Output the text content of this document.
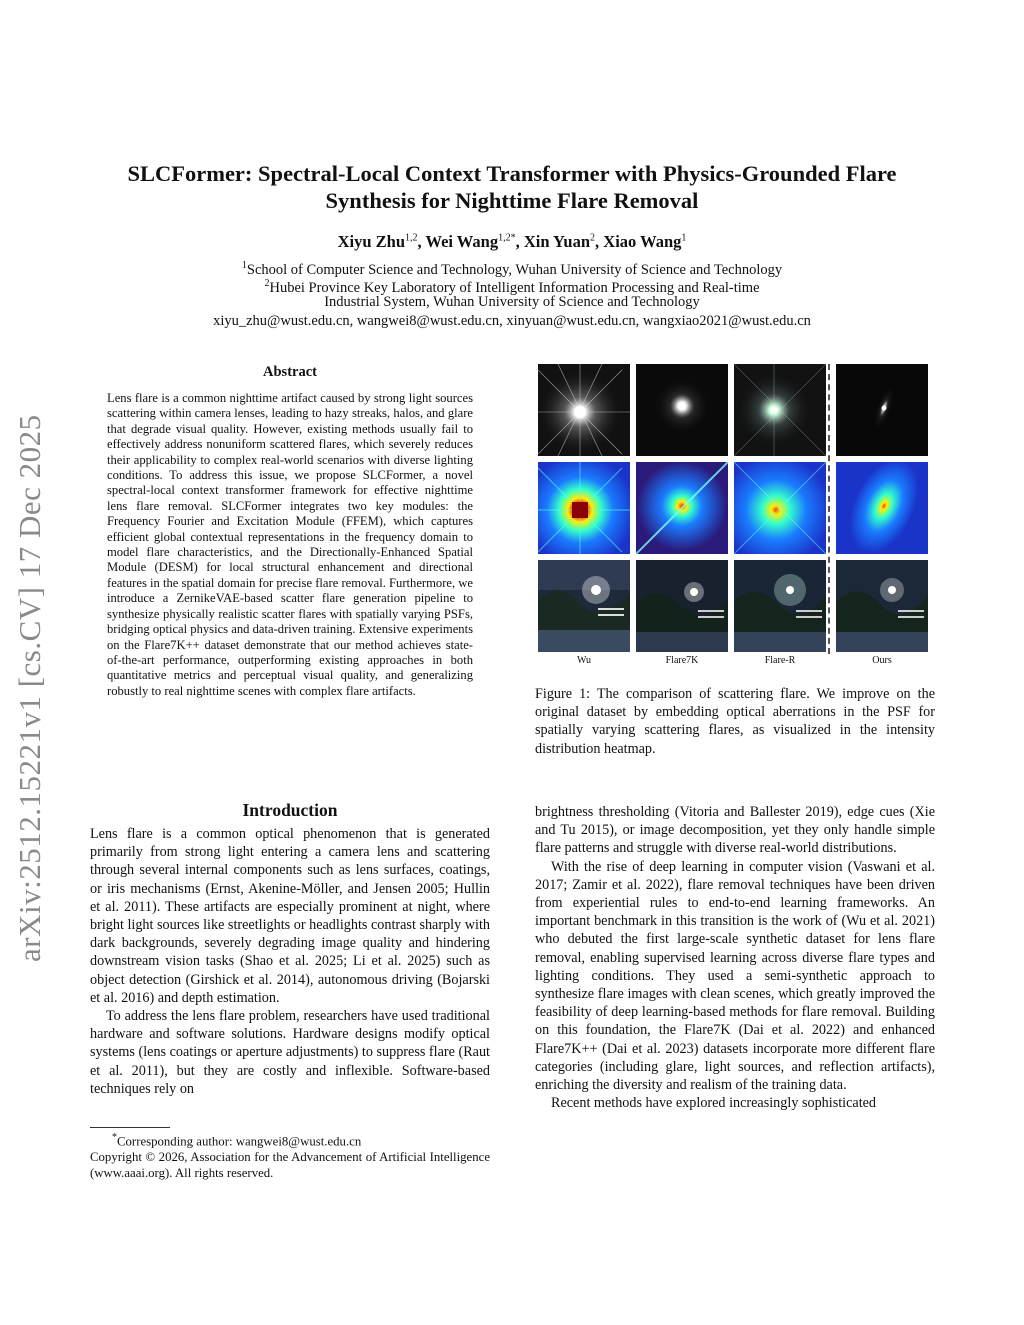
arXiv:2512.15221v1 [cs.CV] 17 Dec 2025
SLCFormer: Spectral-Local Context Transformer with Physics-Grounded Flare Synthesis for Nighttime Flare Removal
Xiyu Zhu$^{1,2}$, Wei Wang$^{1,2*}$, Xin Yuan$^2$, Xiao Wang$^1$
$^1$School of Computer Science and Technology, Wuhan University of Science and Technology
$^2$Hubei Province Key Laboratory of Intelligent Information Processing and Real-time
Industrial System, Wuhan University of Science and Technology
xiyu_zhu@wust.edu.cn, wangwei8@wust.edu.cn, xinyuan@wust.edu.cn, wangxiao2021@wust.edu.cn
Abstract
Lens flare is a common nighttime artifact caused by strong light sources scattering within camera lenses, leading to hazy streaks, halos, and glare that degrade visual quality. However, existing methods usually fail to effectively address nonuniform scattered flares, which severely reduces their applicability to complex real-world scenarios with diverse lighting conditions. To address this issue, we propose SLCFormer, a novel spectral-local context transformer framework for effective nighttime lens flare removal. SLCFormer integrates two key modules: the Frequency Fourier and Excitation Module (FFEM), which captures efficient global contextual representations in the frequency domain to model flare characteristics, and the Directionally-Enhanced Spatial Module (DESM) for local structural enhancement and directional features in the spatial domain for precise flare removal. Furthermore, we introduce a ZernikeVAE-based scatter flare generation pipeline to synthesize physically realistic scatter flares with spatially varying PSFs, bridging optical physics and data-driven training. Extensive experiments on the Flare7K++ dataset demonstrate that our method achieves state-of-the-art performance, outperforming existing approaches in both quantitative metrics and perceptual visual quality, and generalizing robustly to real nighttime scenes with complex flare artifacts.
Wu	Flare7K	Flare-R	Ours
Figure 1: The comparison of scattering flare. We improve on the original dataset by embedding optical aberrations in the PSF for spatially varying scattering flares, as visualized in the intensity distribution heatmap.
Introduction

Lens flare is a common optical phenomenon that is generated primarily from strong light entering a camera lens and scattering through several internal components such as lens surfaces, coatings, or iris mechanisms (Ernst, Akenine-Möller, and Jensen 2005; Hullin et al. 2011). These artifacts are especially prominent at night, where bright light sources like streetlights or headlights contrast sharply with dark backgrounds, severely degrading image quality and hindering downstream vision tasks (Shao et al. 2025; Li et al. 2025) such as object detection (Girshick et al. 2014), autonomous driving (Bojarski et al. 2016) and depth estimation.

To address the lens flare problem, researchers have used traditional hardware and software solutions. Hardware designs modify optical systems (lens coatings or aperture adjustments) to suppress flare (Raut et al. 2011), but they are costly and inflexible. Software-based techniques rely on

brightness thresholding (Vitoria and Ballester 2019), edge cues (Xie and Tu 2015), or image decomposition, yet they only handle simple flare patterns and struggle with diverse real-world distributions.

With the rise of deep learning in computer vision (Vaswani et al. 2017; Zamir et al. 2022), flare removal techniques have been driven from experiential rules to end-to-end learning frameworks. An important benchmark in this transition is the work of (Wu et al. 2021) who debuted the first large-scale synthetic dataset for lens flare removal, enabling supervised learning across diverse flare types and lighting conditions. They used a semi-synthetic approach to synthesize flare images with clean scenes, which greatly improved the feasibility of deep learning-based methods for flare removal. Building on this foundation, the Flare7K (Dai et al. 2022) and enhanced Flare7K++ (Dai et al. 2023) datasets incorporate more different flare categories (including glare, light sources, and reflection artifacts), enriching the diversity and realism of the training data.

Recent methods have explored increasingly sophisticated

*Corresponding author: wangwei8@wust.edu.cn
Copyright © 2026, Association for the Advancement of Artificial Intelligence (www.aaai.org). All rights reserved.
